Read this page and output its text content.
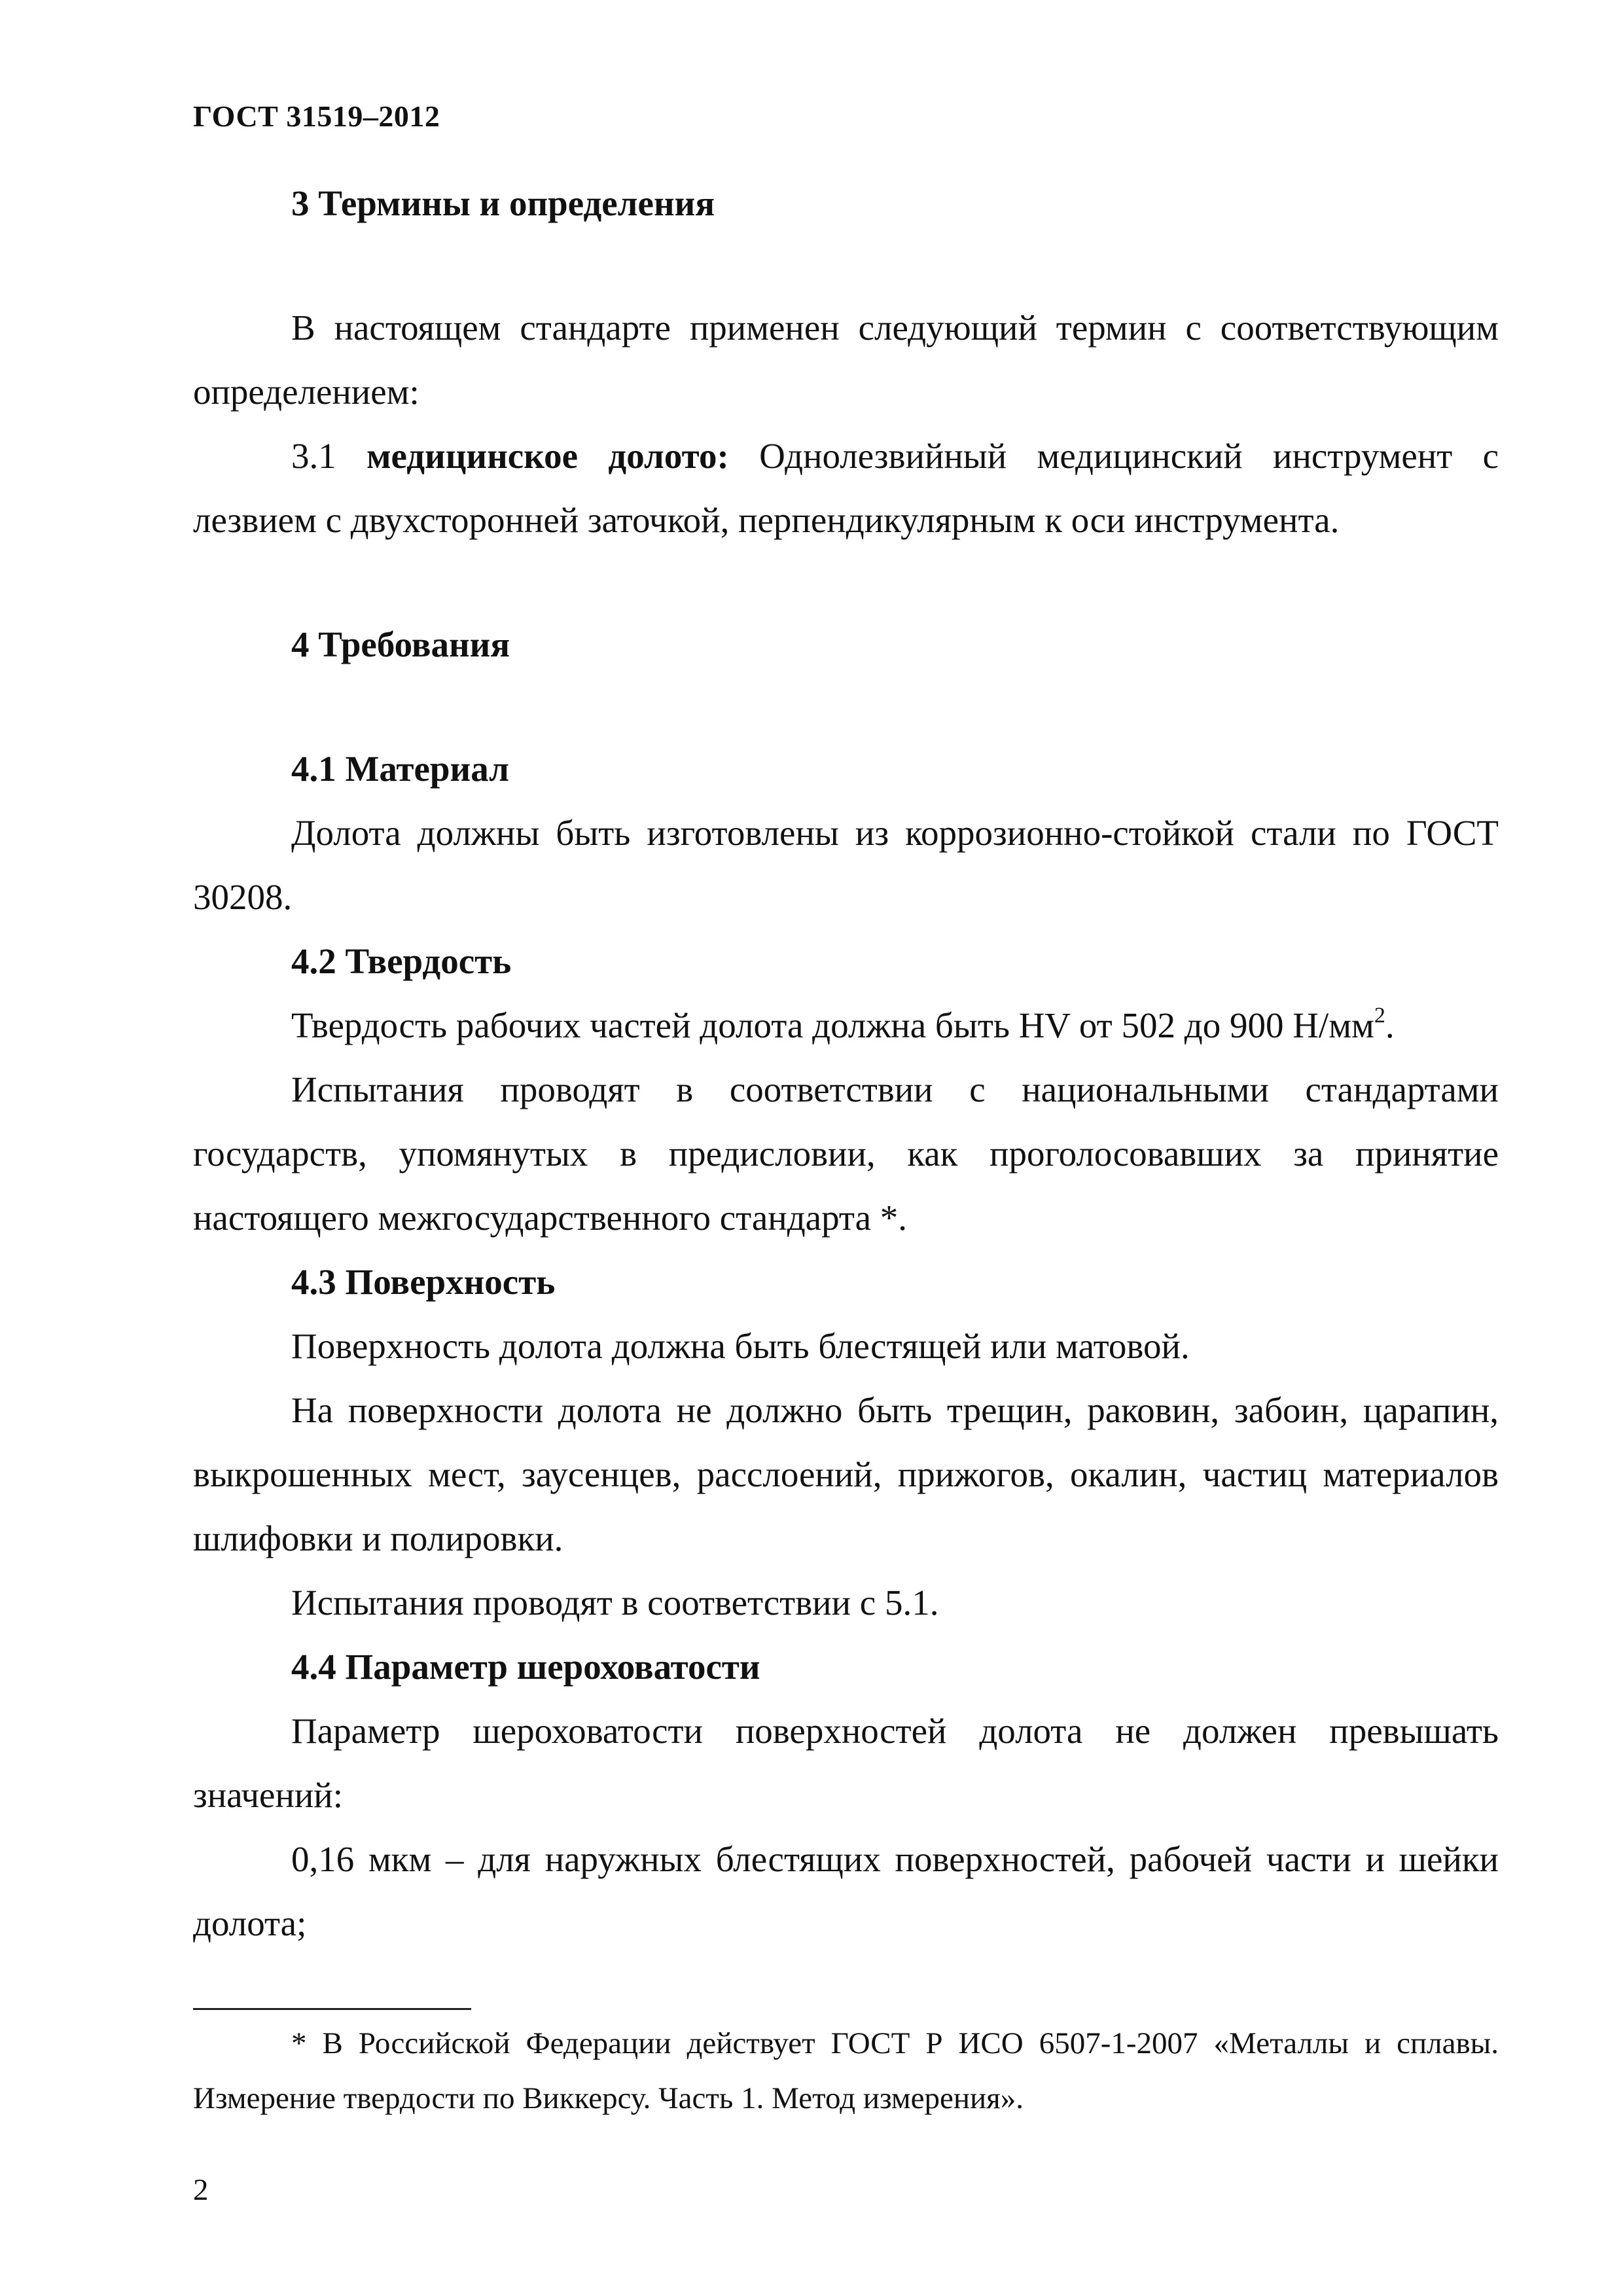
ГОСТ 31519–2012
3 Термины и определения

В настоящем стандарте применен следующий термин с соответствующим определением:

3.1 медицинское долото: Однолезвийный медицинский инструмент с лезвием с двухсторонней заточкой, перпендикулярным к оси инструмента.

4 Требования
4.1 Материал

Долота должны быть изготовлены из коррозионно-стойкой стали по ГОСТ 30208.

4.2 Твердость

Твердость рабочих частей долота должна быть HV от 502 до 900 $Н/мм^2$.

Испытания проводят в соответствии с национальными стандартами государств, упомянутых в предисловии, как проголосовавших за принятие настоящего межгосударственного стандарта *.

4.3 Поверхность

Поверхность долота должна быть блестящей или матовой.

На поверхности долота не должно быть трещин, раковин, забоин, царапин, выкрошенных мест, заусенцев, расслоений, прижогов, окалин, частиц материалов шлифовки и полировки.

Испытания проводят в соответствии с 5.1.

4.4 Параметр шероховатости

Параметр шероховатости поверхностей долота не должен превышать значений:

0,16 мкм – для наружных блестящих поверхностей, рабочей части и шейки долота;

* В Российской Федерации действует ГОСТ Р ИСО 6507-1-2007 «Металлы и сплавы. Измерение твердости по Виккерсу. Часть 1. Метод измерения».
2
